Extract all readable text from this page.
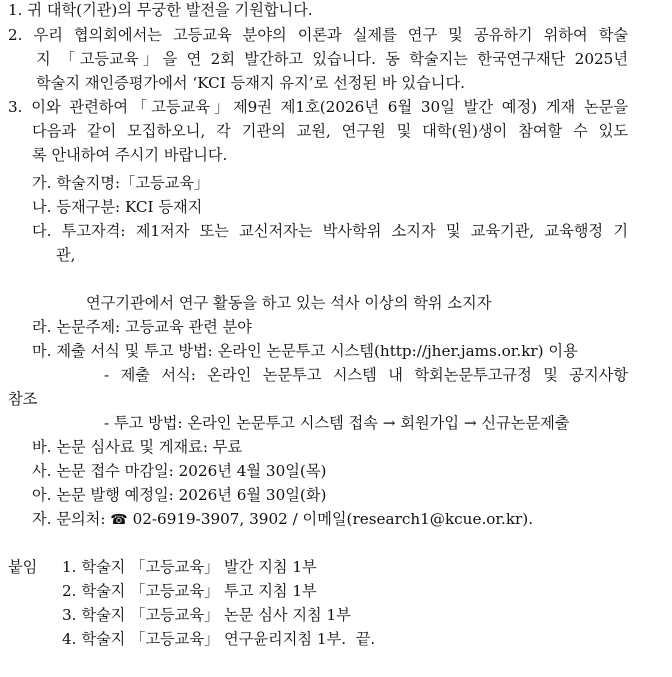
1. 귀 대학(기관)의 무궁한 발전을 기원합니다.
2. 우리 협의회에서는 고등교육 분야의 이론과 실제를 연구 및 공유하기 위하여 학술
지 「고등교육」을 연 2회 발간하고 있습니다. 동 학술지는 한국연구재단 2025년
학술지 재인증평가에서 ‘KCI 등재지 유지’로 선정된 바 있습니다.
3. 이와 관련하여「고등교육」제9권 제1호(2026년 6월 30일 발간 예정) 게재 논문을
다음과 같이 모집하오니, 각 기관의 교원, 연구원 및 대학(원)생이 참여할 수 있도
록 안내하여 주시기 바랍니다.
가. 학술지명:「고등교육」
나. 등재구분: KCI 등재지
다. 투고자격: 제1저자 또는 교신저자는 박사학위 소지자 및 교육기관, 교육행정 기
관,
연구기관에서 연구 활동을 하고 있는 석사 이상의 학위 소지자
라. 논문주제: 고등교육 관련 분야
마. 제출 서식 및 투고 방법: 온라인 논문투고 시스템(http://jher.jams.or.kr) 이용
- 제출 서식: 온라인 논문투고 시스템 내 학회논문투고규정 및 공지사항
참조
- 투고 방법: 온라인 논문투고 시스템 접속 → 회원가입 → 신규논문제출
바. 논문 심사료 및 게재료: 무료
사. 논문 접수 마감일: 2026년 4월 30일(목)
아. 논문 발행 예정일: 2026년 6월 30일(화)
자. 문의처: ☎ 02-6919-3907, 3902 / 이메일(research1@kcue.or.kr).
붙임 1. 학술지 「고등교육」 발간 지침 1부
2. 학술지 「고등교육」 투고 지침 1부
3. 학술지 「고등교육」 논문 심사 지침 1부
4. 학술지 「고등교육」 연구윤리지침 1부.  끝.
